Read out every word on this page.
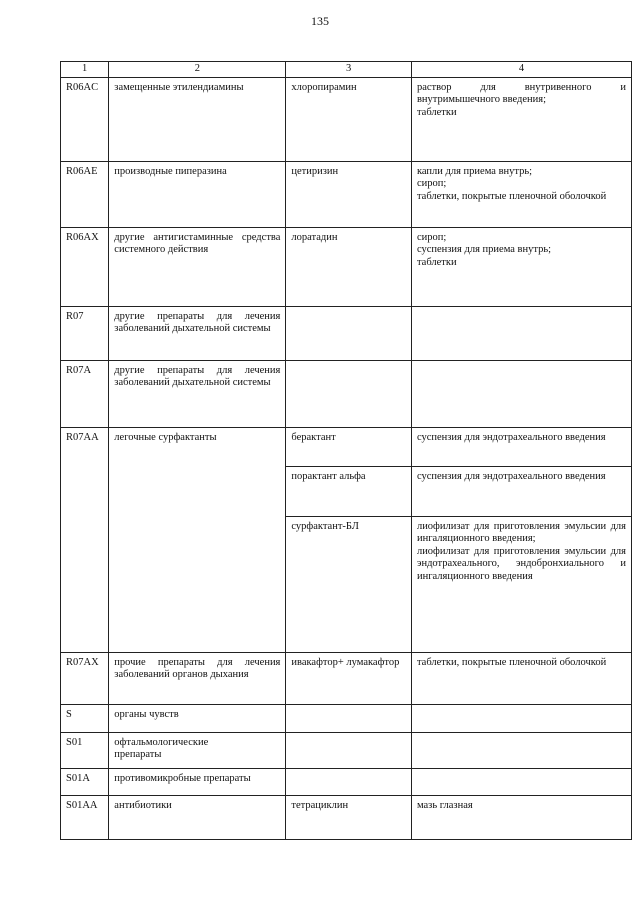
135
1	2	3	4
R06AC	замещенные этилендиамины	хлоропирамин	раствор для внутривенного и внутримышечного введения;
таблетки

R06AE	производные пиперазина	цетиризин	капли для приема внутрь;
сироп;
таблетки, покрытые пленочной оболочкой

R06AX	другие антигистаминные средства системного действия	лоратадин	сироп;
суспензия для приема внутрь;
таблетки

R07	другие препараты для лечения заболеваний дыхательной системы		
R07A	другие препараты для лечения заболеваний дыхательной системы		
R07AA	легочные сурфактанты	берактант	суспензия для эндотрахеального введения
		порактант альфа	суспензия для эндотрахеального введения
		сурфактант-БЛ	лиофилизат для приготовления эмульсии для ингаляционного введения;
лиофилизат для приготовления эмульсии для эндотрахеального, эндобронхиального и ингаляционного введения

R07AX	прочие препараты для лечения заболеваний органов дыхания	ивакафтор+ лумакафтор	таблетки, покрытые пленочной оболочкой
S	органы чувств		
S01	офтальмологические препараты		
S01A	противомикробные препараты		
S01AA	антибиотики	тетрациклин	мазь глазная
